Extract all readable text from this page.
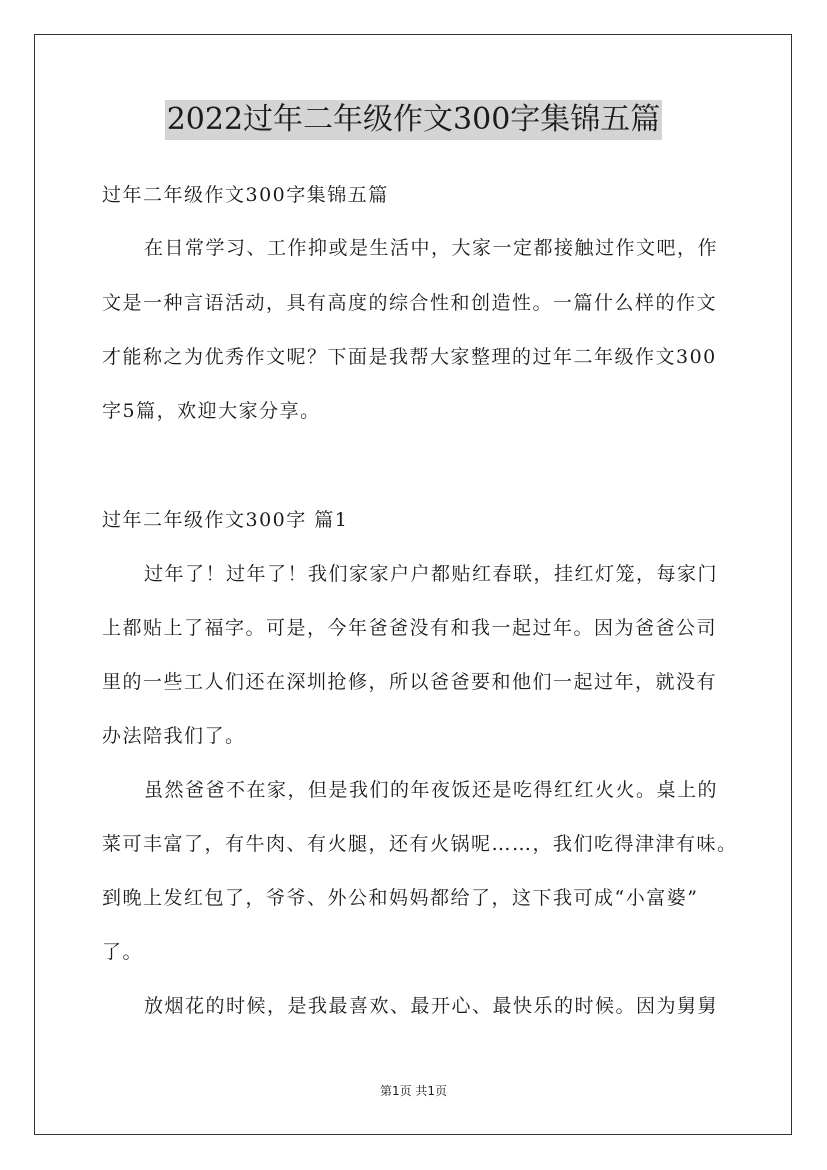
2022过年二年级作文300字集锦五篇
过年二年级作文300字集锦五篇
在日常学习、工作抑或是生活中，大家一定都接触过作文吧，作
文是一种言语活动，具有高度的综合性和创造性。一篇什么样的作文
才能称之为优秀作文呢？下面是我帮大家整理的过年二年级作文300
字5篇，欢迎大家分享。
过年二年级作文300字 篇1
过年了！过年了！我们家家户户都贴红春联，挂红灯笼，每家门
上都贴上了福字。可是，今年爸爸没有和我一起过年。因为爸爸公司
里的一些工人们还在深圳抢修，所以爸爸要和他们一起过年，就没有
办法陪我们了。
虽然爸爸不在家，但是我们的年夜饭还是吃得红红火火。桌上的
菜可丰富了，有牛肉、有火腿，还有火锅呢……，我们吃得津津有味。
到晚上发红包了，爷爷、外公和妈妈都给了，这下我可成“小富婆”
了。
放烟花的时候，是我最喜欢、最开心、最快乐的时候。因为舅舅
第1页 共1页
